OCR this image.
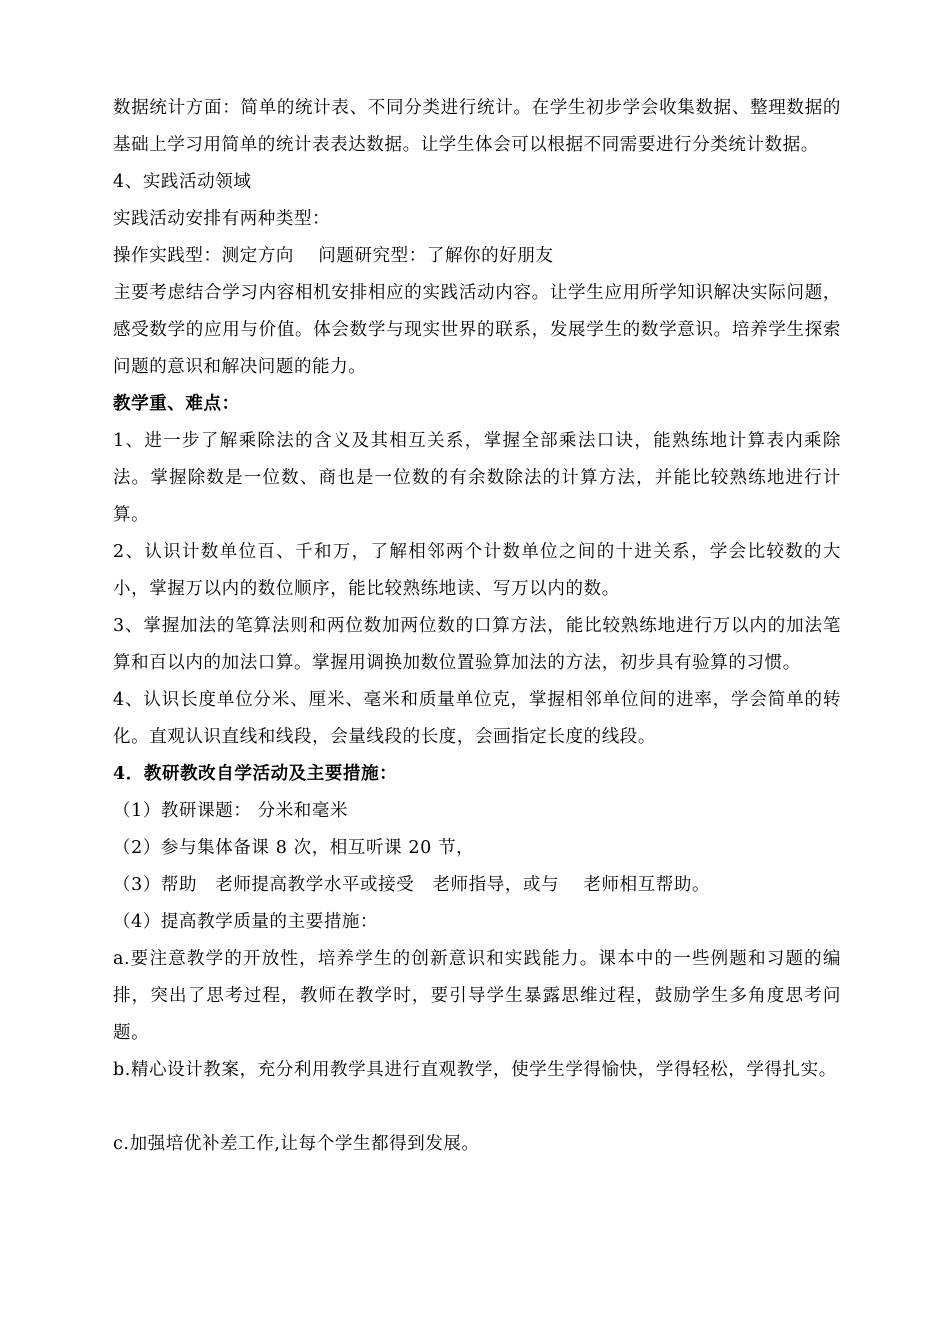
数据统计方面：简单的统计表、不同分类进行统计。在学生初步学会收集数据、整理数据的基础上学习用简单的统计表表达数据。让学生体会可以根据不同需要进行分类统计数据。
4、实践活动领域
实践活动安排有两种类型：
操作实践型：测定方向　 问题研究型：了解你的好朋友
主要考虑结合学习内容相机安排相应的实践活动内容。让学生应用所学知识解决实际问题，感受数学的应用与价值。体会数学与现实世界的联系，发展学生的数学意识。培养学生探索问题的意识和解决问题的能力。
教学重、难点：
1、进一步了解乘除法的含义及其相互关系，掌握全部乘法口诀，能熟练地计算表内乘除法。掌握除数是一位数、商也是一位数的有余数除法的计算方法，并能比较熟练地进行计算。
2、认识计数单位百、千和万，了解相邻两个计数单位之间的十进关系，学会比较数的大小，掌握万以内的数位顺序，能比较熟练地读、写万以内的数。
3、掌握加法的笔算法则和两位数加两位数的口算方法，能比较熟练地进行万以内的加法笔算和百以内的加法口算。掌握用调换加数位置验算加法的方法，初步具有验算的习惯。
4、认识长度单位分米、厘米、毫米和质量单位克，掌握相邻单位间的进率，学会简单的转化。直观认识直线和线段，会量线段的长度，会画指定长度的线段。
4．教研教改自学活动及主要措施：
（1）教研课题： 分米和毫米
（2）参与集体备课 8 次，相互听课 20 节，
（3）帮助　老师提高教学水平或接受　老师指导，或与　 老师相互帮助。
（4）提高教学质量的主要措施：
a.要注意教学的开放性，培养学生的创新意识和实践能力。课本中的一些例题和习题的编排，突出了思考过程，教师在教学时，要引导学生暴露思维过程，鼓励学生多角度思考问题。
b.精心设计教案，充分利用教学具进行直观教学，使学生学得愉快，学得轻松，学得扎实。
c.加强培优补差工作,让每个学生都得到发展。
